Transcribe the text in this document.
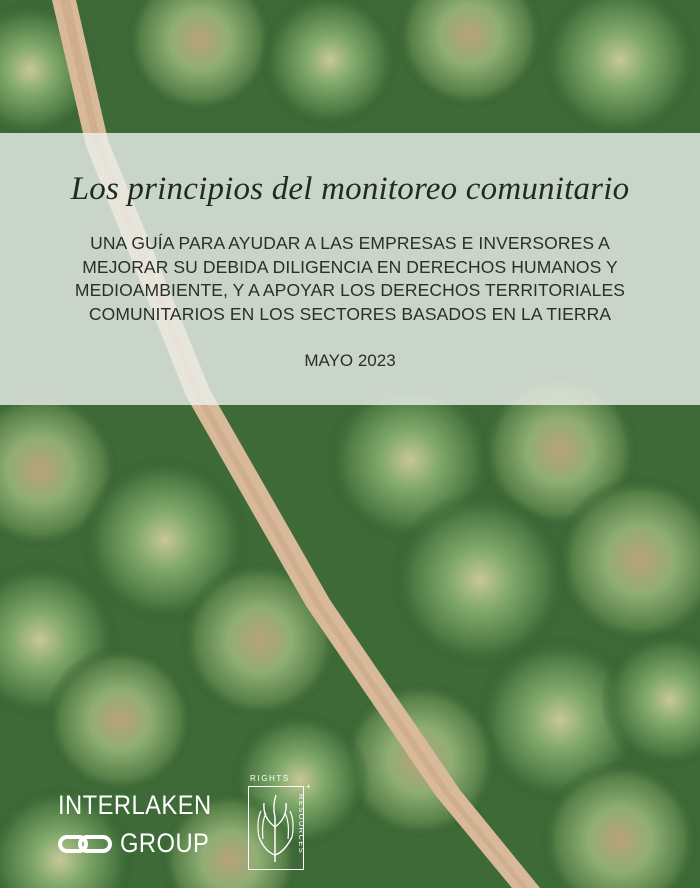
Los principios del monitoreo comunitario
UNA GUÍA PARA AYUDAR A LAS EMPRESAS E INVERSORES A
MEJORAR SU DEBIDA DILIGENCIA EN DERECHOS HUMANOS Y
MEDIOAMBIENTE, Y A APOYAR LOS DERECHOS TERRITORIALES
COMUNITARIOS EN LOS SECTORES BASADOS EN LA TIERRA
MAYO 2023
INTERLAKEN
GROUP
RIGHTS
+
RESOURCES
